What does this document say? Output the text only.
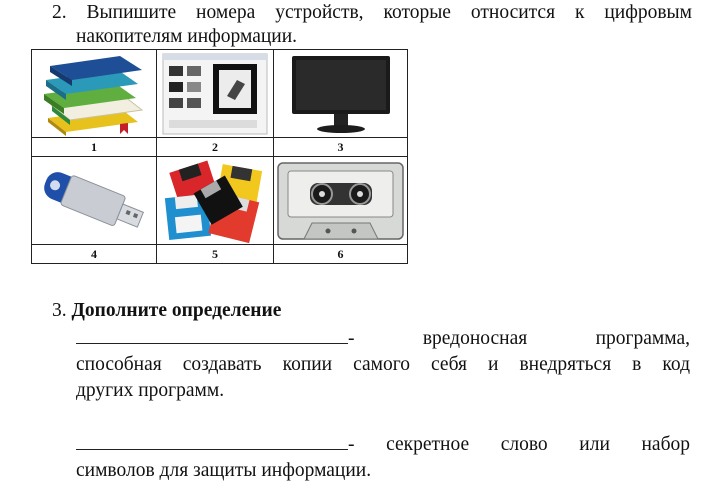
2. Выпишите номера устройств, которые относится к цифровым
накопителям информации.

1	2	3

4	5	6
3. Дополните определение
- вредоносная программа,
способная создавать копии самого себя и внедряться в код
других программ.
- секретное слово или набор
символов для защиты информации.
